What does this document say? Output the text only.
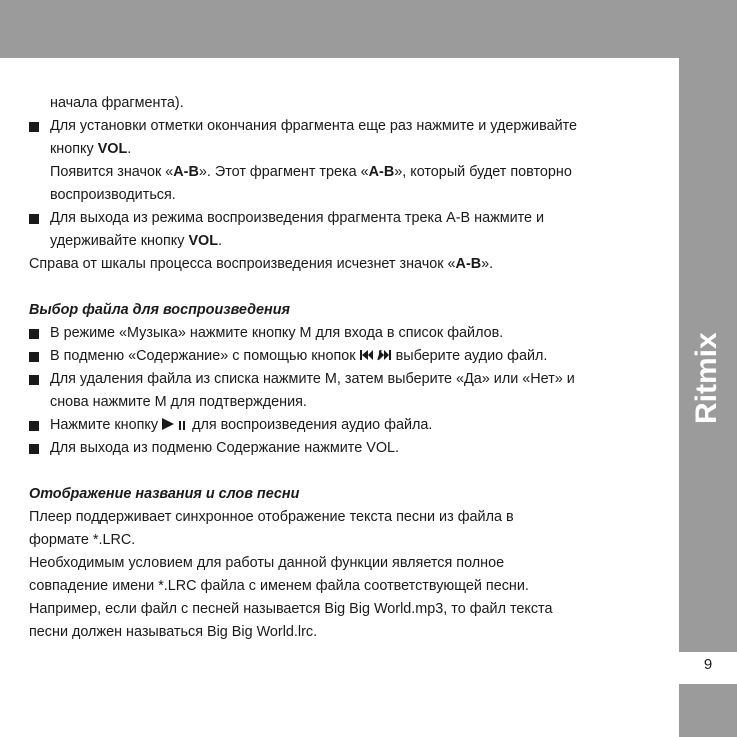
Ritmix
9

начала фрагмента).

Для установки отметки окончания фрагмента еще раз нажмите и удерживайте

кнопку VOL.

Появится значок «A-B». Этот фрагмент трека «A-B», который будет повторно

воспроизводиться.

Для выхода из режима воспроизведения фрагмента трека А-В нажмите и

удерживайте кнопку VOL.

Справа от шкалы процесса воспроизведения исчезнет значок «A-B».

Выбор файла для воспроизведения

В режиме «Музыка» нажмите кнопку М для входа в список файлов.

В подменю «Содержание» с помощью кнопок  выберите аудио файл.

Для удаления файла из списка нажмите М, затем выберите «Да» или «Нет» и

снова нажмите М для подтверждения.

Нажмите кнопку  для воспроизведения аудио файла.

Для выхода из подменю Содержание нажмите VOL.

Отображение названия и слов песни

Плеер поддерживает синхронное отображение текста песни из файла в

формате *.LRC.

Необходимым условием для работы данной функции является полное

совпадение имени *.LRC файла с именем файла соответствующей песни.

Например, если файл с песней называется Big Big World.mp3, то файл текста

песни должен называться Big Big World.lrc.
